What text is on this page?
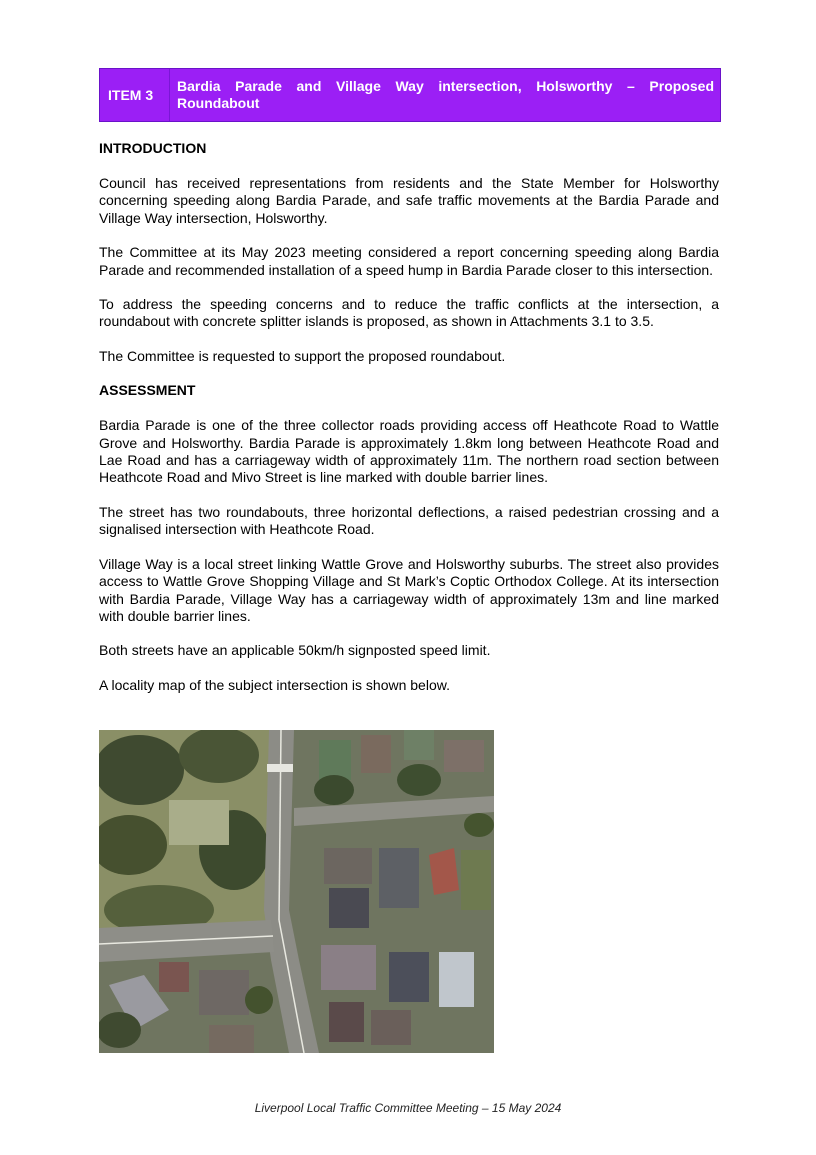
ITEM 3
Bardia Parade and Village Way intersection, Holsworthy – Proposed Roundabout
INTRODUCTION

Council has received representations from residents and the State Member for Holsworthy concerning speeding along Bardia Parade, and safe traffic movements at the Bardia Parade and Village Way intersection, Holsworthy.

The Committee at its May 2023 meeting considered a report concerning speeding along Bardia Parade and recommended installation of a speed hump in Bardia Parade closer to this intersection.

To address the speeding concerns and to reduce the traffic conflicts at the intersection, a roundabout with concrete splitter islands is proposed, as shown in Attachments 3.1 to 3.5.

The Committee is requested to support the proposed roundabout.

ASSESSMENT

Bardia Parade is one of the three collector roads providing access off Heathcote Road to Wattle Grove and Holsworthy. Bardia Parade is approximately 1.8km long between Heathcote Road and Lae Road and has a carriageway width of approximately 11m. The northern road section between Heathcote Road and Mivo Street is line marked with double barrier lines.

The street has two roundabouts, three horizontal deflections, a raised pedestrian crossing and a signalised intersection with Heathcote Road.

Village Way is a local street linking Wattle Grove and Holsworthy suburbs. The street also provides access to Wattle Grove Shopping Village and St Mark’s Coptic Orthodox College. At its intersection with Bardia Parade, Village Way has a carriageway width of approximately 13m and line marked with double barrier lines.

Both streets have an applicable 50km/h signposted speed limit.

A locality map of the subject intersection is shown below.

Liverpool Local Traffic Committee Meeting – 15 May 2024
